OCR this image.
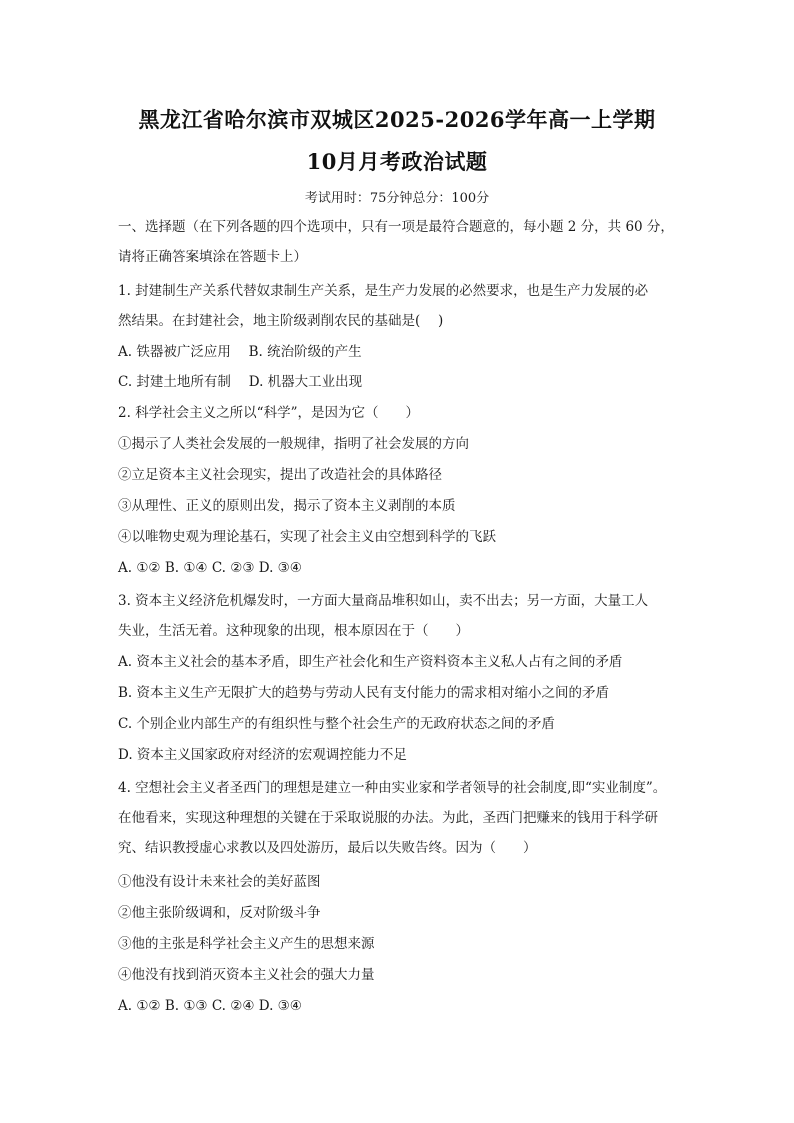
黑龙江省哈尔滨市双城区2025-2026学年高一上学期
10月月考政治试题
考试用时：75分钟总分：100分
一、选择题（在下列各题的四个选项中，只有一项是最符合题意的，每小题 2 分，共 60 分，
请将正确答案填涂在答题卡上）
1. 封建制生产关系代替奴隶制生产关系，是生产力发展的必然要求，也是生产力发展的必
然结果。在封建社会，地主阶级剥削农民的基础是(　 )
A. 铁器被广泛应用　 B. 统治阶级的产生
C. 封建土地所有制　 D. 机器大工业出现
2. 科学社会主义之所以“科学”，是因为它（　　）
①揭示了人类社会发展的一般规律，指明了社会发展的方向
②立足资本主义社会现实，提出了改造社会的具体路径
③从理性、正义的原则出发，揭示了资本主义剥削的本质
④以唯物史观为理论基石，实现了社会主义由空想到科学的飞跃
A. ①② B. ①④ C. ②③ D. ③④
3. 资本主义经济危机爆发时，一方面大量商品堆积如山，卖不出去；另一方面，大量工人
失业，生活无着。这种现象的出现，根本原因在于（　　）
A. 资本主义社会的基本矛盾，即生产社会化和生产资料资本主义私人占有之间的矛盾
B. 资本主义生产无限扩大的趋势与劳动人民有支付能力的需求相对缩小之间的矛盾
C. 个别企业内部生产的有组织性与整个社会生产的无政府状态之间的矛盾
D. 资本主义国家政府对经济的宏观调控能力不足
4. 空想社会主义者圣西门的理想是建立一种由实业家和学者领导的社会制度,即“实业制度”。
在他看来，实现这种理想的关键在于采取说服的办法。为此，圣西门把赚来的钱用于科学研
究、结识教授虚心求教以及四处游历，最后以失败告终。因为（　　）
①他没有设计未来社会的美好蓝图
②他主张阶级调和，反对阶级斗争
③他的主张是科学社会主义产生的思想来源
④他没有找到消灭资本主义社会的强大力量
A. ①② B. ①③ C. ②④ D. ③④
